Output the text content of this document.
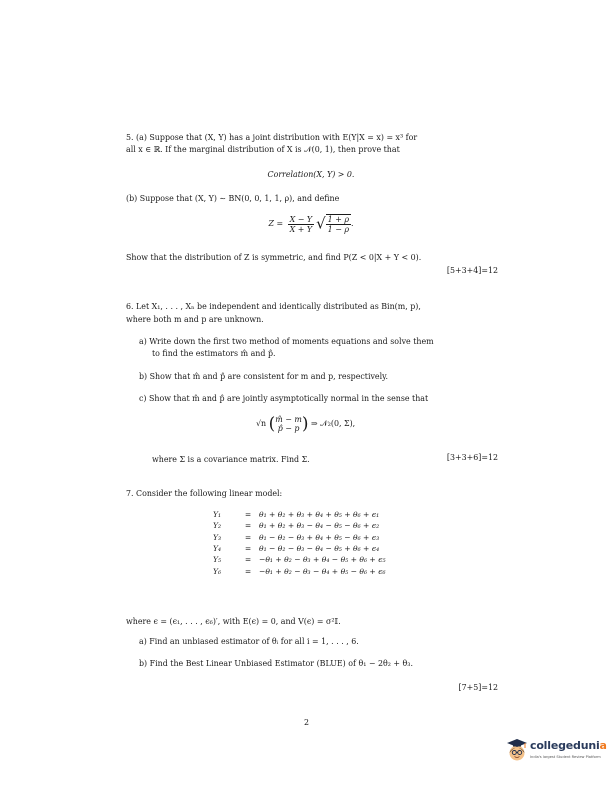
5. (a) Suppose that (X, Y) has a joint distribution with E(Y|X = x) = x³ for
all x ∈ ℝ. If the marginal distribution of X is 𝒩(0, 1), then prove that
Correlation(X, Y) > 0.
(b) Suppose that (X, Y) ∼ BN(0, 0, 1, 1, ρ), and define
$Z = \frac{X - Y}{X + Y}$ √ $\frac{1 + \rho}{1 - \rho}$ .
Show that the distribution of Z is symmetric, and find P(Z < 0|X + Y < 0).
[5+3+4]=12
6. Let X₁, . . . , Xₙ be independent and identically distributed as Bin(m, p),
where both m and p are unknown.
a) Write down the first two method of moments equations and solve them
to find the estimators m̂ and p̂.
b) Show that m̂ and p̂ are consistent for m and p, respectively.
c) Show that m̂ and p̂ are jointly asymptotically normal in the sense that
√n ( m̂ − m
p̂ − p ) ⇒ 𝒩₂(0, Σ),
where Σ is a covariance matrix. Find Σ.	[3+3+6]=12
7. Consider the following linear model:
Y₁	=	θ₁ + θ₂ + θ₃ + θ₄ + θ₅ + θ₆ + ϵ₁
Y₂	=	θ₁ + θ₂ + θ₃ − θ₄ − θ₅ − θ₆ + ϵ₂
Y₃	=	θ₁ − θ₂ − θ₃ + θ₄ + θ₅ − θ₆ + ϵ₃
Y₄	=	θ₁ − θ₂ − θ₃ − θ₄ − θ₅ + θ₆ + ϵ₄
Y₅	=	−θ₁ + θ₂ − θ₃ + θ₄ − θ₅ + θ₆ + ϵ₅
Y₆	=	−θ₁ + θ₂ − θ₃ − θ₄ + θ₅ − θ₆ + ϵ₆
where ϵ = (ϵ₁, . . . , ϵ₆)′, with E(ϵ) = 0, and V(ϵ) = σ²𝕀.
a) Find an unbiased estimator of θᵢ for all i = 1, . . . , 6.
b) Find the Best Linear Unbiased Estimator (BLUE) of θ₁ − 2θ₂ + θ₃.
[7+5]=12
2
collegedunia
India's largest Student Review Platform
